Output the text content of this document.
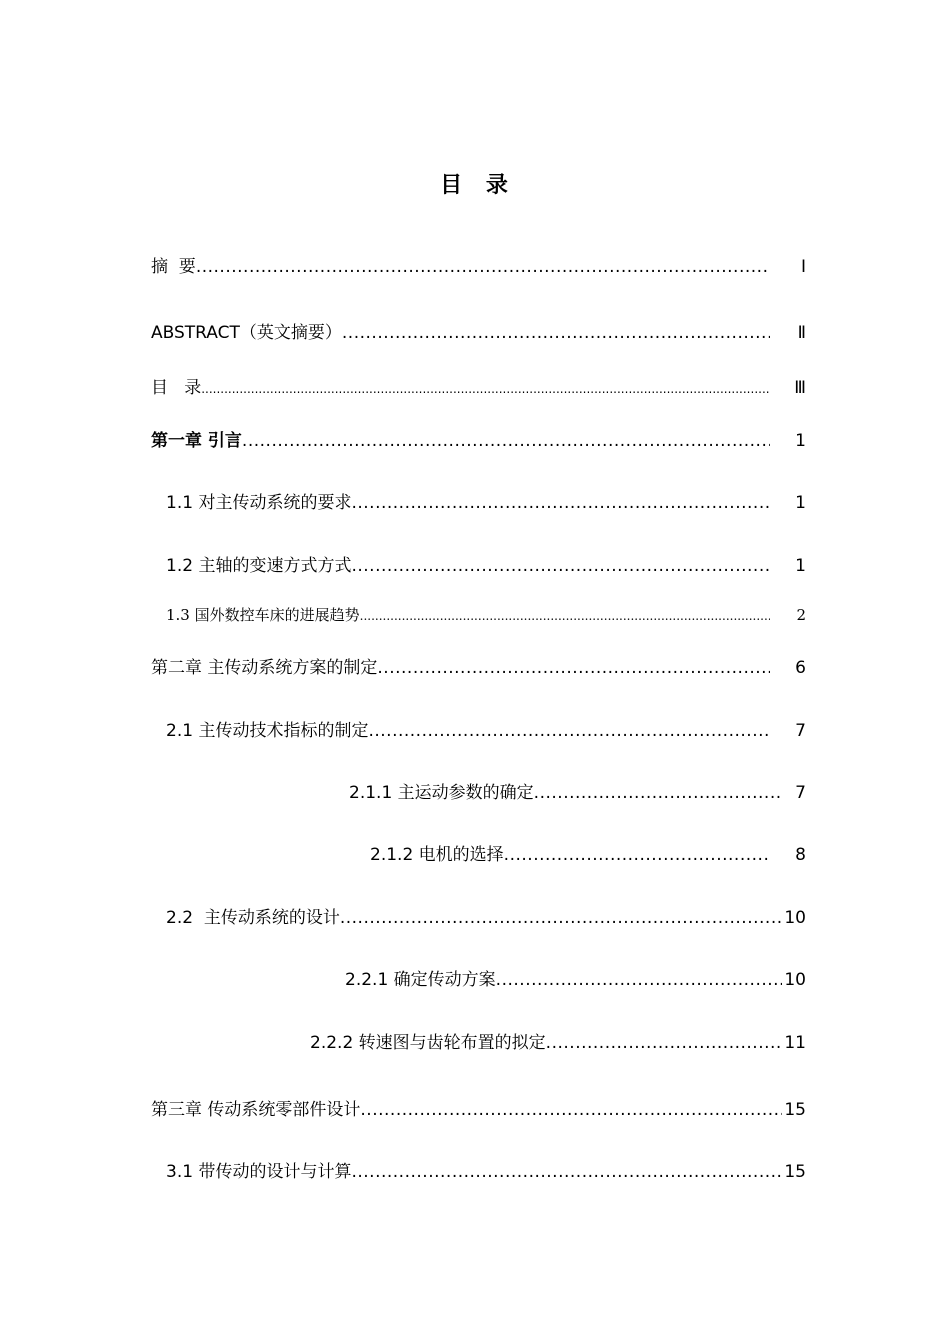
目 录
摘  要 .....	Ⅰ
ABSTRACT（英文摘要） .....	Ⅱ
目   录 .....	Ⅲ
第一章 引言 .....	1
1.1 对主传动系统的要求 .....	1
1.2 主轴的变速方式方式 .....	1
1.3 国外数控车床的进展趋势 .....	2
第二章 主传动系统方案的制定 .....	6
2.1 主传动技术指标的制定 .....	7
2.1.1 主运动参数的确定 .....	7
2.1.2 电机的选择 .....	8
2.2  主传动系统的设计 .....	10
2.2.1 确定传动方案 .....	10
2.2.2 转速图与齿轮布置的拟定 .....	11
第三章 传动系统零部件设计 .....	15
3.1 带传动的设计与计算 .....	15
